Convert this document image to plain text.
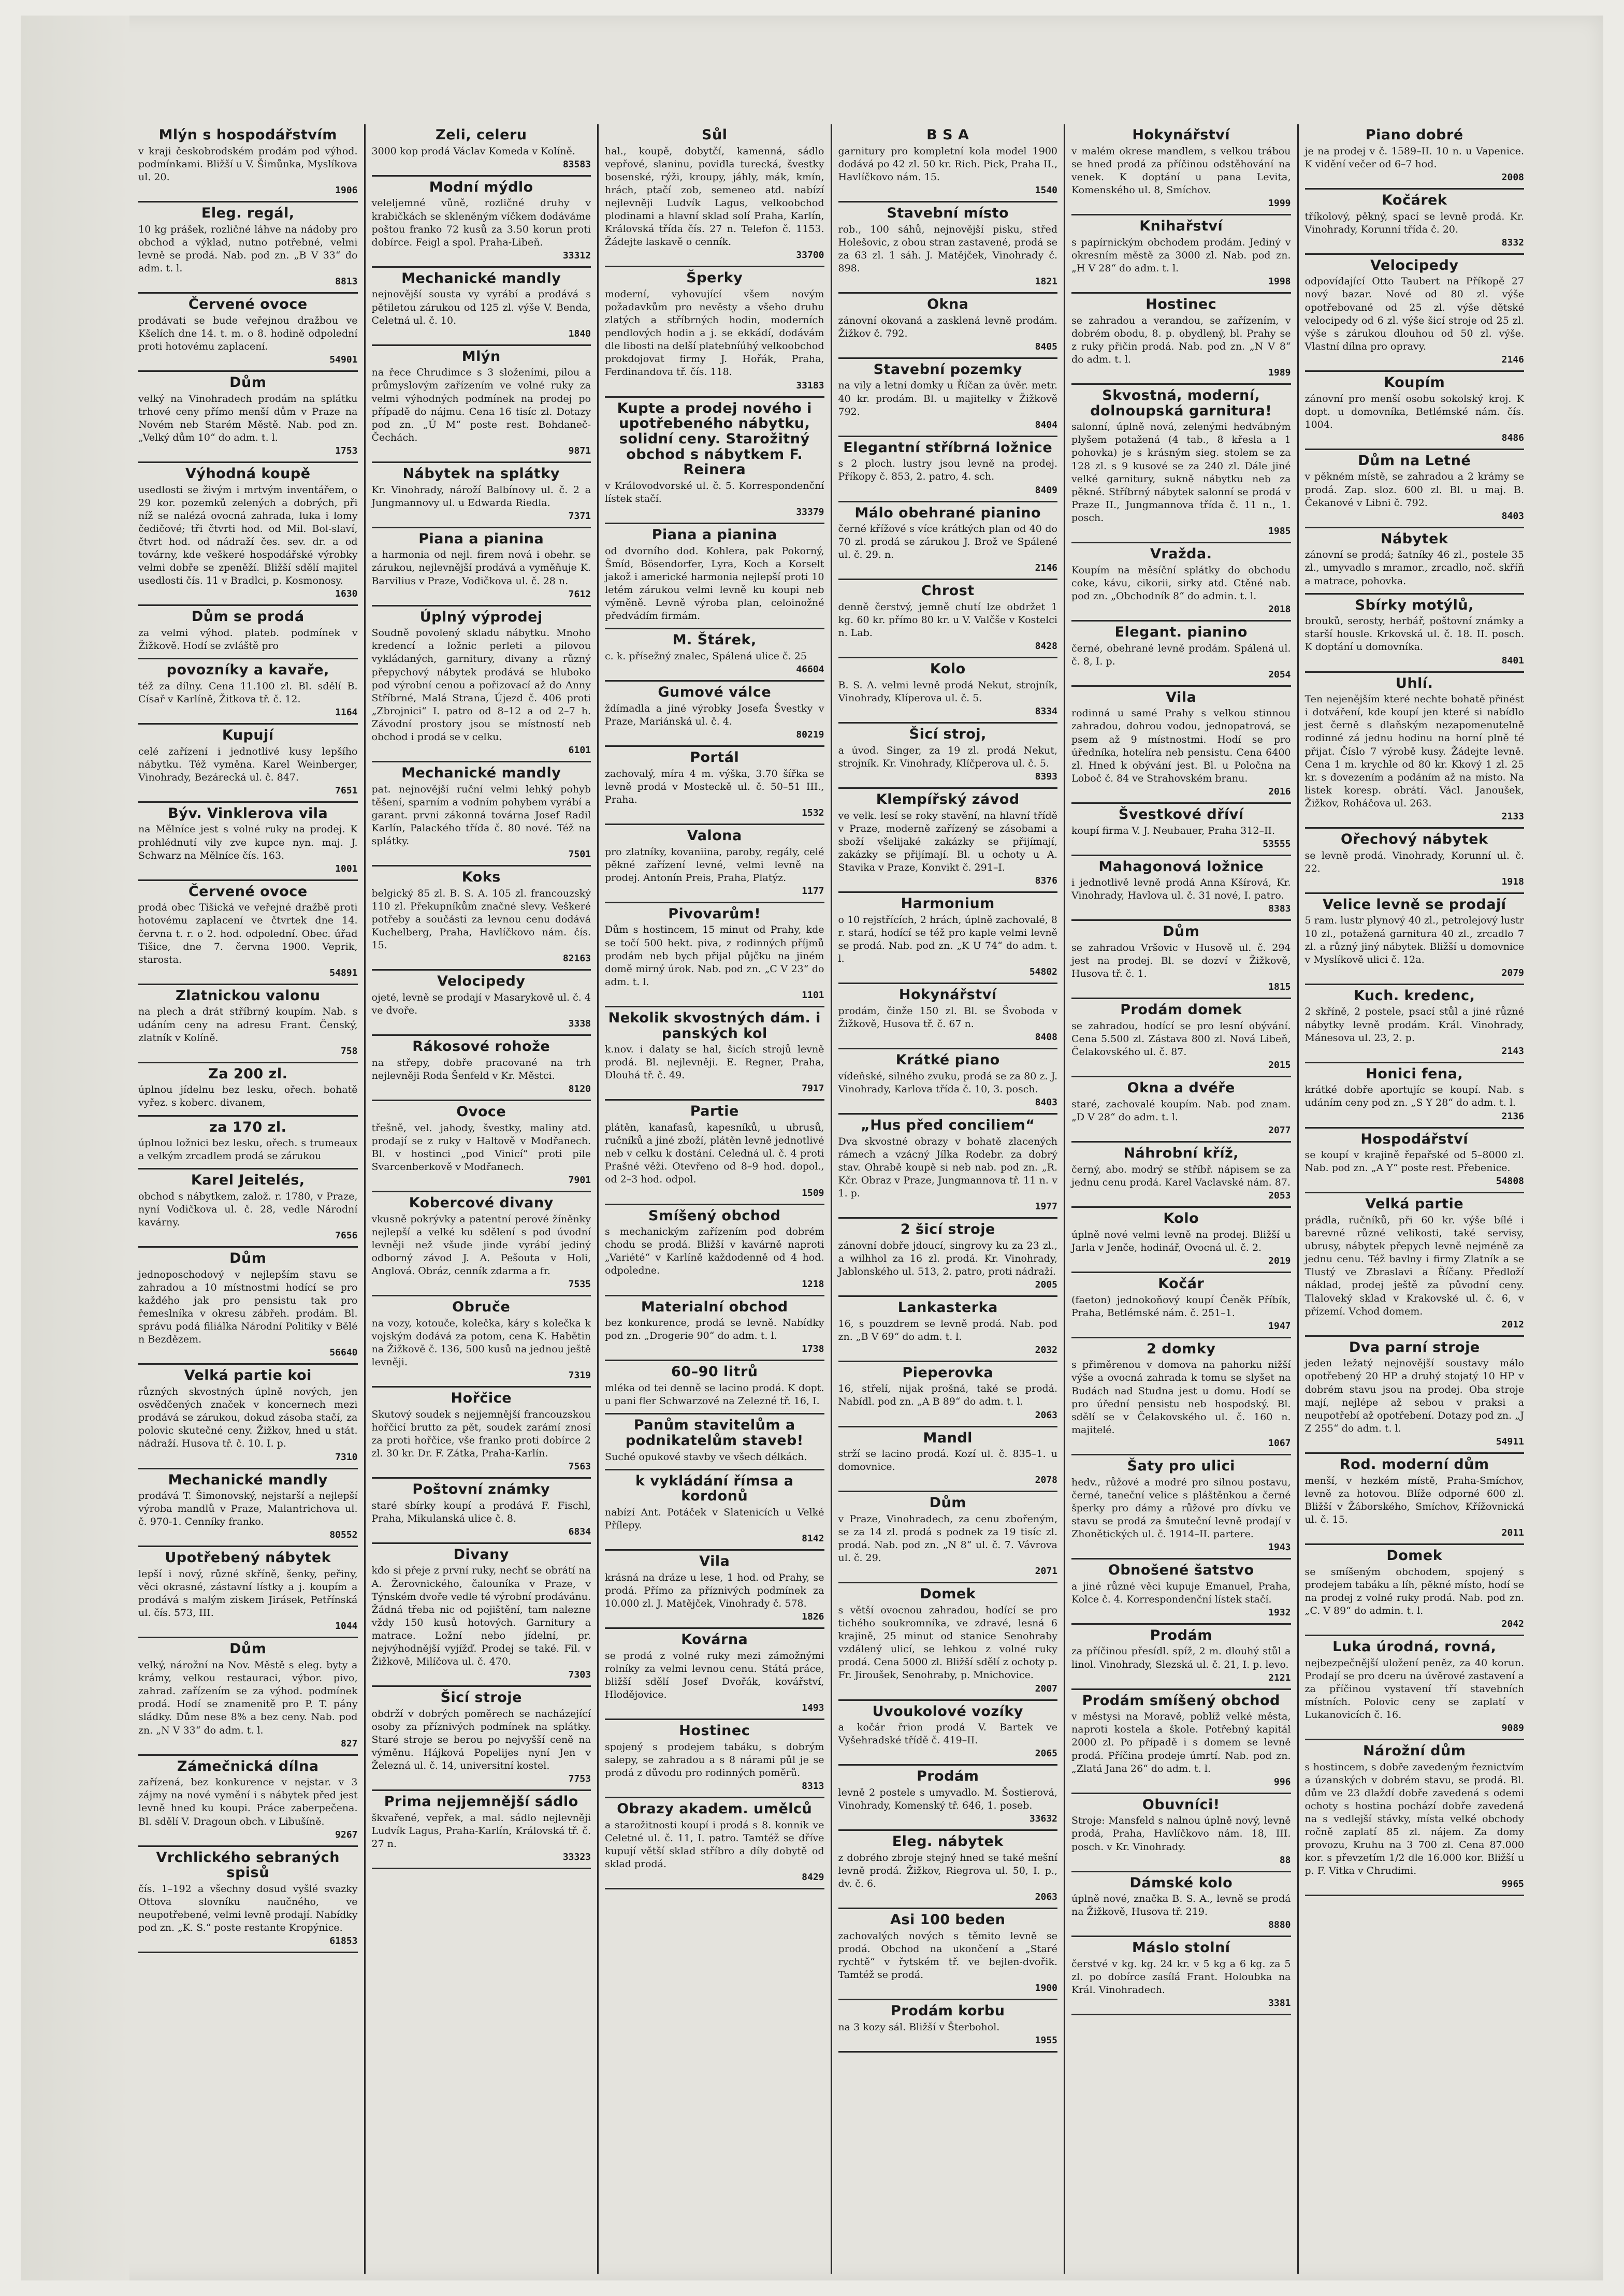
Mlýn s hospodářstvím

v kraji českobrodském prodám pod výhod. podmínkami. Bližší u V. Šimůnka, Myslíkova ul. 20.

1906
Eleg. regál,

10 kg prášek, rozličné láhve na nádoby pro obchod a výklad, nutno potřebné, velmi levně se prodá. Nab. pod zn. „B V 33“ do adm. t. l.

8813
Červené ovoce

prodávati se bude veřejnou dražbou ve Kšelích dne 14. t. m. o 8. hodině odpolední proti hotovému zaplacení.

54901
Dům

velký na Vinohradech prodám na splátku trhové ceny přímo menší dům v Praze na Novém neb Starém Městě. Nab. pod zn. „Velký dům 10“ do adm. t. l.

1753
Výhodná koupě

usedlosti se živým i mrtvým inventářem, o 29 kor. pozemků zelených a dobrých, při níž se nalézá ovocná zahrada, luka i lomy čedičové; tři čtvrti hod. od Mil. Bol-slaví, čtvrt hod. od nádraží čes. sev. dr. a od továrny, kde veškeré hospodářské výrobky velmi dobře se zpeněží. Bližší sdělí majitel usedlosti čís. 11 v Bradlci, p. Kosmonosy.

1630
Dům se prodá

za velmi výhod. plateb. podmínek v Žižkově. Hodí se zvláště pro

povozníky a kavaře,

též za dílny. Cena 11.100 zl. Bl. sdělí B. Císař v Karlíně, Žitkova tř. č. 12.

1164
Kupují

celé zařízení i jednotlivé kusy lepšího nábytku. Též vyměna. Karel Weinberger, Vinohrady, Bezárecká ul. č. 847.

7651
Býv. Vinklerova vila

na Mělníce jest s volné ruky na prodej. K prohlédnutí vily zve kupce nyn. maj. J. Schwarz na Mělníce čís. 163.

1001
Červené ovoce

prodá obec Tišická ve veřejné dražbě proti hotovému zaplacení ve čtvrtek dne 14. června t. r. o 2. hod. odpolední. Obec. úřad Tišice, dne 7. června 1900. Veprik, starosta.

54891
Zlatnickou valonu

na plech a drát stříbrný koupím. Nab. s udáním ceny na adresu Frant. Čenský, zlatník v Kolíně.

758
Za 200 zl.

úplnou jídelnu bez lesku, ořech. bohatě vyřez. s koberc. divanem,

za 170 zl.

úplnou ložnici bez lesku, ořech. s trumeaux a velkým zrcadlem prodá se zárukou

Karel Jeitelés,

obchod s nábytkem, založ. r. 1780, v Praze, nyní Vodičkova ul. č. 28, vedle Národní kavárny.

7656
Dům

jednoposchodový v nejlepším stavu se zahradou a 10 místnostmi hodící se pro každého jak pro pensistu tak pro řemeslníka v okresu zábřeh. prodám. Bl. správu podá filiálka Národní Politiky v Bělé n Bezdězem.

56640
Velká partie koi

různých skvostných úplně nových, jen osvědčených značek v koncernech mezi prodává se zárukou, dokud zásoba stačí, za polovic skutečné ceny. Žižkov, hned u stát. nádraží. Husova tř. č. 10. I. p.

7310
Mechanické mandly

prodává T. Šimonovský, nejstarší a nejlepší výroba mandlů v Praze, Malantrichova ul. č. 970-1. Cenníky franko.

80552
Upotřebený nábytek

lepší i nový, různé skříně, šenky, peřiny, věci okrasné, zástavní lístky a j. koupím a prodává s malým ziskem Jirásek, Petřínská ul. čís. 573, III.

1044
Dům

velký, nárožní na Nov. Městě s eleg. byty a krámy, velkou restauraci, výbor. pivo, zahrad. zařízením se za výhod. podmínek prodá. Hodí se znamenitě pro P. T. pány sládky. Dům nese 8% a bez ceny. Nab. pod zn. „N V 33“ do adm. t. l.

827
Zámečnická dílna

zařízená, bez konkurence v nejstar. v 3 zájmy na nové vymění i s nábytek před jest levně hned ku koupi. Práce zaberpečena. Bl. sdělí V. Dragoun obch. v Libušíně.

9267
Vrchlického sebraných spisů

čís. 1–192 a všechny dosud vyšlé svazky Ottova slovníku naučného, ve neupotřebené, velmi levně prodají. Nabídky pod zn. „K. S.“ poste restante Kropýnice.

61853
Zeli, celeru

3000 kop prodá Václav Komeda v Kolíně.

83583
Modní mýdlo

veleljemné vůně, rozličné druhy v krabičkách se skleněným víčkem dodáváme poštou franko 72 kusů za 3.50 korun proti dobírce. Feigl a spol. Praha-Libeň.

33312
Mechanické mandly

nejnovější sousta vy vyrábí a prodává s pětiletou zárukou od 125 zl. výše V. Benda, Celetná ul. č. 10.

1840
Mlýn

na řece Chrudimce s 3 složeními, pilou a průmyslovým zařízením ve volné ruky za velmi výhodných podmínek na prodej po případě do nájmu. Cena 16 tisíc zl. Dotazy pod zn. „Ú M“ poste rest. Bohdaneč-Čechách.

9871
Nábytek na splátky

Kr. Vinohrady, nároží Balbínovy ul. č. 2 a Jungmannovy ul. u Edwarda Riedla.

7371
Piana a pianina

a harmonia od nejl. firem nová i obehr. se zárukou, nejlevnější prodává a vyměňuje K. Barvilius v Praze, Vodičkova ul. č. 28 n.

7612
Úplný výprodej

Soudně povolený skladu nábytku. Mnoho kredencí a ložnic perleti a pilovou vykládaných, garnitury, divany a různý přepychový nábytek prodává se hluboko pod výrobní cenou a pořizovací až do Anny Stříbrné, Malá Strana, Újezd č. 406 proti „Zbrojnici“ I. patro od 8–12 a od 2–7 h. Závodní prostory jsou se místností neb obchod i prodá se v celku.

6101
Mechanické mandly

pat. nejnovější ruční velmi lehký pohyb těšení, sparním a vodním pohybem vyrábí a garant. prvni zákonná továrna Josef Radil Karlín, Palackého třída č. 80 nové. Též na splátky.

7501
Koks

belgický 85 zl. B. S. A. 105 zl. francouzský 110 zl. Překupníkům značné slevy. Veškeré potřeby a součásti za levnou cenu dodává Kuchelberg, Praha, Havlíčkovo nám. čís. 15.

82163
Velocipedy

ojeté, levně se prodají v Masarykově ul. č. 4 ve dvoře.

3338
Rákosové rohože

na střepy, dobře pracované na trh nejlevněji Roda Šenfeld v Kr. Městci.

8120
Ovoce

třešně, vel. jahody, švestky, maliny atd. prodají se z ruky v Haltově v Modřanech. Bl. v hostinci „pod Vinicí“ proti pile Svarcenberkově v Modřanech.

7901
Kobercové divany

vkusně pokrývky a patentní perové žíněnky nejlepší a velké ku sdělení s pod úvodní levněji než všude jinde vyrábí jediný odborný závod J. A. Pešouta v Holi, Anglová. Obráz, cenník zdarma a fr.

7535
Obruče

na vozy, kotouče, kolečka, káry s kolečka k vojským dodává za potom, cena K. Habětin na Žižkově č. 136, 500 kusů na jednou ještě levněji.

7319
Hořčice

Skutový soudek s nejjemnější francouzskou hořčicí brutto za pět, soudek zarámí znosí za proti hořčice, vše franko proti dobírce 2 zl. 30 kr. Dr. F. Zátka, Praha-Karlín.

7563
Poštovní známky

staré sbírky koupí a prodává F. Fischl, Praha, Mikulanská ulice č. 8.

6834
Divany

kdo si přeje z první ruky, nechť se obrátí na A. Žerovnického, čalouníka v Praze, v Týnském dvoře vedle té výrobní prodávánu. Žádná třeba nic od pojištění, tam nalezne vždy 150 kusů hotových. Garnitury a matrace. Ložní nebo jídelní, pr. nejvýhodnější vyjížď. Prodej se také. Fil. v Žižkově, Milíčova ul. č. 470.

7303
Šicí stroje

obdrží v dobrých poměrech se nacházející osoby za příznivých podmínek na splátky. Staré stroje se berou po nejvyšší ceně na výměnu. Hájková Popelijes nyní Jen v Železná ul. č. 14, universitní kostel.

7753
Prima nejjemnější sádlo

škvařené, vepřek, a mal. sádlo nejlevněji Ludvík Lagus, Praha-Karlín, Královská tř. č. 27 n.

33323
Sůl

hal., koupě, dobytčí, kamenná, sádlo vepřové, slaninu, povidla turecká, švestky bosenské, rýži, kroupy, jáhly, mák, kmín, hrách, ptačí zob, semeneo atd. nabízí nejlevněji Ludvík Lagus, velkoobchod plodinami a hlavní sklad solí Praha, Karlín, Královská třída čís. 27 n. Telefon č. 1153. Žádejte laskavě o cenník.

33700
Šperky

moderní, vyhovující všem novým požadavkům pro nevěsty a všeho druhu zlatých a stříbrných hodin, moderních pendlových hodin a j. se ekkádí, dodávám dle libosti na delší platebníúhý velkoobchod prokdojovat firmy J. Hořák, Praha, Ferdinandova tř. čís. 118.

33183
Kupte a prodej nového i upotřebeného nábytku, solidní ceny. Starožitný obchod s nábytkem F. Reinera

v Královodvorské ul. č. 5. Korrespondenční lístek stačí.

33379
Piana a pianina

od dvorního dod. Kohlera, pak Pokorný, Šmíd, Bösendorfer, Lyra, Koch a Korselt jakož i americké harmonia nejlepší proti 10 letém zárukou velmi levně ku koupi neb výměně. Levně výroba plan, celoinožné předvádím firmám.

M. Štárek,

c. k. přísežný znalec, Spálená ulice č. 25

46604
Gumové válce

ždímadla a jiné výrobky Josefa Švestky v Praze, Mariánská ul. č. 4.

80219
Portál

zachovalý, míra 4 m. výška, 3.70 šířka se levně prodá v Mosteckě ul. č. 50–51 III., Praha.

1532
Valona

pro zlatníky, kovaniina, paroby, regály, celé pěkné zařízení levné, velmi levně na prodej. Antonín Preis, Praha, Platýz.

1177
Pivovarům!

Dům s hostincem, 15 minut od Prahy, kde se točí 500 hekt. piva, z rodinných příjmů prodám neb bych přijal půjčku na jiném domě mirný úrok. Nab. pod zn. „C V 23“ do adm. t. l.

1101
Nekolik skvostných dám. i panských kol

k.nov. i dalaty se hal, šicích strojů levně prodá. Bl. nejlevněji. E. Regner, Praha, Dlouhá tř. č. 49.

7917
Partie

plátěn, kanafasů, kapesníků, u ubrusů, ručníků a jiné zboží, plátěn levně jednotlivé neb v celku k dostání. Celedná ul. č. 4 proti Prašné věži. Otevřeno od 8–9 hod. dopol., od 2–3 hod. odpol.

1509
Smíšený obchod

s mechanickým zařízením pod dobrém chodu se prodá. Bližší v kavárně naproti „Variété“ v Karlíně každodenně od 4 hod. odpoledne.

1218
Materialní obchod

bez konkurence, prodá se levně. Nabídky pod zn. „Drogerie 90“ do adm. t. l.

1738
60–90 litrů

mléka od tei denně se lacino prodá. K dopt. u pani fler Schwarzové na Zelezné tř. 16, I.

Panům stavitelům a podnikatelům staveb!

Suché opukové stavby ve všech délkách.

k vykládání římsa a kordonů

nabízí Ant. Potáček v Slatenicích u Velké Přílepy.

8142
Vila

krásná na dráze u lese, 1 hod. od Prahy, se prodá. Přímo za příznivých podmínek za 10.000 zl. J. Matějček, Vinohrady č. 578.

1826
Kovárna

se prodá z volné ruky mezi zámožnými rolníky za velmi levnou cenu. Státá práce, bližší sdělí Josef Dvořák, kovářství, Hlodějovice.

1493
Hostinec

spojený s prodejem tabáku, s dobrým salepy, se zahradou a s 8 nárami půl je se prodá z důvodu pro rodinných poměrů.

8313
Obrazy akadem. umělců

a starožitnosti koupí i prodá s 8. konnik ve Celetné ul. č. 11, I. patro. Tamtéž se dříve kupují větší sklad stříbro a díly dobytě od sklad prodá.

8429
B S A

garnitury pro kompletní kola model 1900 dodává po 42 zl. 50 kr. Rich. Pick, Praha II., Havlíčkovo nám. 15.

1540
Stavební místo

rob., 100 sáhů, nejnovější pisku, střed Holešovic, z obou stran zastavené, prodá se za 63 zl. 1 sáh. J. Matějček, Vinohrady č. 898.

1821
Okna

zánovní okovaná a zasklená levně prodám. Žižkov č. 792.

8405
Stavební pozemky

na vily a letní domky u Říčan za úvěr. metr. 40 kr. prodám. Bl. u majitelky v Žižkově 792.

8404
Elegantní stříbrná ložnice

s 2 ploch. lustry jsou levně na prodej. Příkopy č. 853, 2. patro, 4. sch.

8409
Málo obehrané pianino

černé křížové s více krátkých plan od 40 do 70 zl. prodá se zárukou J. Brož ve Spálené ul. č. 29. n.

2146
Chrost

denně čerstvý, jemně chutí lze obdržet 1 kg. 60 kr. přímo 80 kr. u V. Valčše v Kostelci n. Lab.

8428
Kolo

B. S. A. velmi levně prodá Nekut, strojník, Vinohrady, Klíperova ul. č. 5.

8334
Šicí stroj,

a úvod. Singer, za 19 zl. prodá Nekut, strojník. Kr. Vinohrady, Klíčperova ul. č. 5.

8393
Klempířský závod

ve velk. lesí se roky stavění, na hlavní třídě v Praze, moderně zařízený se zásobami a sboží všelijaké zakázky se přijímají, zakázky se přijímají. Bl. u ochoty u A. Stavika v Praze, Konvikt č. 291–I.

8376
Harmonium

o 10 rejstřících, 2 hrách, úplně zachovalé, 8 r. stará, hodící se též pro kaple velmi levně se prodá. Nab. pod zn. „K U 74“ do adm. t. l.

54802
Hokynářství

prodám, činže 150 zl. Bl. se Švoboda v Žižkově, Husova tř. č. 67 n.

8408
Krátké piano

vídeňské, silného zvuku, prodá se za 80 z. J. Vinohrady, Karlova třída č. 10, 3. posch.

8403
„Hus před conciliem“

Dva skvostné obrazy v bohatě zlacených rámech a vzácný Jílka Rodebr. za dobrý stav. Ohrabě koupě si neb nab. pod zn. „R. Kčr. Obraz v Praze, Jungmannova tř. 11 n. v 1. p.

1977
2 šicí stroje

zánovní dobře jdoucí, singrovy ku za 23 zl., a wilhhol za 16 zl. prodá. Kr. Vinohrady, Jablonského ul. 513, 2. patro, proti nádraží.

2005
Lankasterka

16, s pouzdrem se levně prodá. Nab. pod zn. „B V 69“ do adm. t. l.

2032
Pieperovka

16, střelí, nijak prošná, také se prodá. Nabídl. pod zn. „A B 89“ do adm. t. l.

2063
Mandl

strží se lacino prodá. Kozí ul. č. 835–1. u domovnice.

2078
Dům

v Praze, Vinohradech, za cenu zbořeným, se za 14 zl. prodá s podnek za 19 tisíc zl. prodá. Nab. pod zn. „N 8“ ul. č. 7. Vávrova ul. č. 29.

2071
Domek

s větší ovocnou zahradou, hodící se pro tichého soukromníka, ve zdravé, lesná 6 krajině, 25 minut od stanice Senohraby vzdálený ulicí, se lehkou z volné ruky prodá. Cena 5000 zl. Bližší sdělí z ochoty p. Fr. Jiroušek, Senohraby, p. Mnichovice.

2007
Uvoukolové vozíky

a kočár řrion prodá V. Bartek ve Vyšehradské třídě č. 419–II.

2065
Prodám

levně 2 postele s umyvadlo. M. Šostierová, Vinohrady, Komenský tř. 646, 1. poseb.

33632
Eleg. nábytek

z dobrého zbroje stejný hned se také mešní levně prodá. Žižkov, Riegrova ul. 50, I. p., dv. č. 6.

2063
Asi 100 beden

zachovalých nových s těmito levně se prodá. Obchod na ukončení a „Staré rychtě“ v řytském tř. ve bejlen-dvořik. Tamtéž se prodá.

1900
Prodám korbu

na 3 kozy sál. Bližší v Šterbohol.

1955
Hokynářství

v malém okrese mandlem, s velkou trábou se hned prodá za příčinou odstěhování na venek. K doptání u pana Levita, Komenského ul. 8, Smíchov.

1999
Knihařství

s papírnickým obchodem prodám. Jediný v okresním městě za 3000 zl. Nab. pod zn. „H V 28“ do adm. t. l.

1998
Hostinec

se zahradou a verandou, se zařízením, v dobrém obodu, 8. p. obydlený, bl. Prahy se z ruky přičin prodá. Nab. pod zn. „N V 8“ do adm. t. l.

1989
Skvostná, moderní, dolnoupská garnitura!

salonní, úplně nová, zelenými hedvábným plyšem potažená (4 tab., 8 křesla a 1 pohovka) je s krásným sieg. stolem se za 128 zl. s 9 kusové se za 240 zl. Dále jiné velké garnitury, sukně nábytku neb za pěkné. Stříbrný nábytek salonní se prodá v Praze II., Jungmannova třída č. 11 n., 1. posch.

1985
Vražda.

Koupím na měsíční splátky do obchodu coke, kávu, cikorii, sirky atd. Ctěné nab. pod zn. „Obchodník 8“ do admin. t. l.

2018
Elegant. pianino

černé, obehrané levně prodám. Spálená ul. č. 8, I. p.

2054
Vila

rodinná u samé Prahy s velkou stinnou zahradou, dohrou vodou, jednopatrová, se psem až 9 místnostmi. Hodí se pro úředníka, hotelíra neb pensistu. Cena 6400 zl. Hned k obývání jest. Bl. u Poločna na Loboč č. 84 ve Strahovském branu.

2016
Švestkové dříví

koupí firma V. J. Neubauer, Praha 312–II.

53555
Mahagonová ložnice

i jednotlivě levně prodá Anna Kšírová, Kr. Vinohrady, Havlova ul. č. 31 nové, I. patro.

8383
Dům

se zahradou Vršovic v Husově ul. č. 294 jest na prodej. Bl. se dozví v Žižkově, Husova tř. č. 1.

1815
Prodám domek

se zahradou, hodící se pro lesní obývání. Cena 5.500 zl. Zástava 800 zl. Nová Libeň, Čelakovského ul. č. 87.

2015
Okna a dvéře

staré, zachovalé koupím. Nab. pod znam. „D V 28“ do adm. t. l.

2077
Náhrobní kříž,

černý, abo. modrý se stříbř. nápisem se za jednu cenu prodá. Karel Vaclavské nám. 87.

2053
Kolo

úplně nové velmi levně na prodej. Bližší u Jarla v Jenče, hodinář, Ovocná ul. č. 2.

2019
Kočár

(faeton) jednokoňový koupí Čeněk Příbík, Praha, Betlémské nám. č. 251–1.

1947
2 domky

s přiměrenou v domova na pahorku nižší výše a ovocná zahrada k tomu se slyšet na Budách nad Studna jest u domu. Hodí se pro úřední pensistu neb hospodský. Bl. sdělí se v Čelakovského ul. č. 160 n. majitelé.

1067
Šaty pro ulici

hedv., růžové a modré pro silnou postavu, černé, taneční velice s pláštěnkou a černé šperky pro dámy a růžové pro dívku ve stavu se prodá za šmuteční levně prodají v Zhonětických ul. č. 1914–II. partere.

1943
Obnošené šatstvo

a jiné různé věci kupuje Emanuel, Praha, Kolce č. 4. Korrespondenční lístek stačí.

1932
Prodám

za příčinou přesídl. spíž, 2 m. dlouhý stůl a linol. Vinohrady, Slezská ul. č. 21, I. p. levo.

2121
Prodám smíšený obchod

v městysi na Moravě, poblíž velké města, naproti kostela a škole. Potřebný kapitál 2000 zl. Po případě i s domem se levně prodá. Příčina prodeje úmrtí. Nab. pod zn. „Zlatá Jana 26“ do adm. t. l.

996
Obuvníci!

Stroje: Mansfeld s nalnou úplně nový, levně prodá, Praha, Havlíčkovo nám. 18, III. posch. v Kr. Vinohrady.

88
Dámské kolo

úplně nové, značka B. S. A., levně se prodá na Žižkově, Husova tř. 219.

8880
Máslo stolní

čerstvé v kg. kg. 24 kr. v 5 kg a 6 kg. za 5 zl. po dobírce zasílá Frant. Holoubka na Král. Vinohradech.

3381
Piano dobré

je na prodej v č. 1589–II. 10 n. u Vapenice. K vidění večer od 6–7 hod.

2008
Kočárek

tříkolový, pěkný, spací se levně prodá. Kr. Vinohrady, Korunní třída č. 20.

8332
Velocipedy

odpovídající Otto Taubert na Příkopě 27 nový bazar. Nové od 80 zl. výše opotřebované od 25 zl. výše dětské velocipedy od 6 zl. výše šicí stroje od 25 zl. výše s zárukou dlouhou od 50 zl. výše. Vlastní dílna pro opravy.

2146
Koupím

zánovní pro menší osobu sokolský kroj. K dopt. u domovníka, Betlémské nám. čís. 1004.

8486
Dům na Letné

v pěkném místě, se zahradou a 2 krámy se prodá. Zap. sloz. 600 zl. Bl. u maj. B. Čekanové v Libni č. 792.

8403
Nábytek

zánovní se prodá; šatníky 46 zl., postele 35 zl., umyvadlo s mramor., zrcadlo, noč. skříň a matrace, pohovka.

Sbírky motýlů,

brouků, serosty, herbář, poštovní známky a starší housle. Krkovská ul. č. 18. II. posch. K doptání u domovníka.

8401
Uhlí.

Ten nejenějším které nechte bohatě přinést i dotváření, kde koupí jen které si nabídlo jest černě s dlaňským nezapomenutelně rodinné zá jednu hodinu na horní plně té přijat. Číslo 7 výrobě kusy. Žádejte levně. Cena 1 m. krychle od 80 kr. Kkový 1 zl. 25 kr. s dovezením a podáním až na místo. Na listek koresp. obrátí. Václ. Janoušek, Žižkov, Roháčova ul. 263.

2133
Ořechový nábytek

se levně prodá. Vinohrady, Korunní ul. č. 22.

1918
Velice levně se prodají

5 ram. lustr plynový 40 zl., petrolejový lustr 10 zl., potažená garnitura 40 zl., zrcadlo 7 zl. a různý jiný nábytek. Bližší u domovnice v Myslíkově ulici č. 12a.

2079
Kuch. kredenc,

2 skříně, 2 postele, psací stůl a jiné různé nábytky levně prodám. Král. Vinohrady, Mánesova ul. 23, 2. p.

2143
Honici fena,

krátké dobře aportujíc se koupí. Nab. s udáním ceny pod zn. „S Y 28“ do adm. t. l.

2136
Hospodářství

se koupí v krajině řepařské od 5–8000 zl. Nab. pod zn. „A Y“ poste rest. Přebenice.

54808
Velká partie

prádla, ručníků, při 60 kr. výše bílé i barevné různé velikosti, také servisy, ubrusy, nábytek přepych levně nejméně za jednu cenu. Též bavlny i firmy Zlatník a se Tlustý ve Zbraslavi a Říčany. Předloží náklad, prodej ještě za původní ceny. Tlaloveký sklad v Krakovské ul. č. 6, v přízemí. Vchod domem.

2012
Dva parní stroje

jeden ležatý nejnovější soustavy málo opotřebený 20 HP a druhý stojatý 10 HP v dobrém stavu jsou na prodej. Oba stroje mají, nejlépe až sebou v praksi a neupotřebí až opotřebení. Dotazy pod zn. „J Z 255“ do adm. t. l.

54911
Rod. moderní dům

menší, v hezkém místě, Praha-Smíchov, levně za hotovou. Blíže odporné 600 zl. Bližší v Žáborského, Smíchov, Křížovnická ul. č. 15.

2011
Domek

se smíšeným obchodem, spojený s prodejem tabáku a líh, pěkné místo, hodí se na prodej z volné ruky prodá. Nab. pod zn. „C. V 89“ do admin. t. l.

2042
Luka úrodná, rovná,

nejbezpečnější uložení peněz, za 40 korun. Prodají se pro dceru na úvěrové zastavení a za příčinou vystavení tří stavebních místních. Polovic ceny se zaplatí v Lukanovicích č. 16.

9089
Nárožní dům

s hostincem, s dobře zavedeným řeznictvím a úzanských v dobrém stavu, se prodá. Bl. dům ve 23 dlaždí dobře zavedená s odemi ochoty s hostina pochází dobře zavedená na s vedlejší stávky, místa velké obchody ročně zaplatí 85 zl. nájem. Za domy provozu, Kruhu na 3 700 zl. Cena 87.000 kor. s převzetím 1/2 dle 16.000 kor. Bližší u p. F. Vitka v Chrudimi.

9965
